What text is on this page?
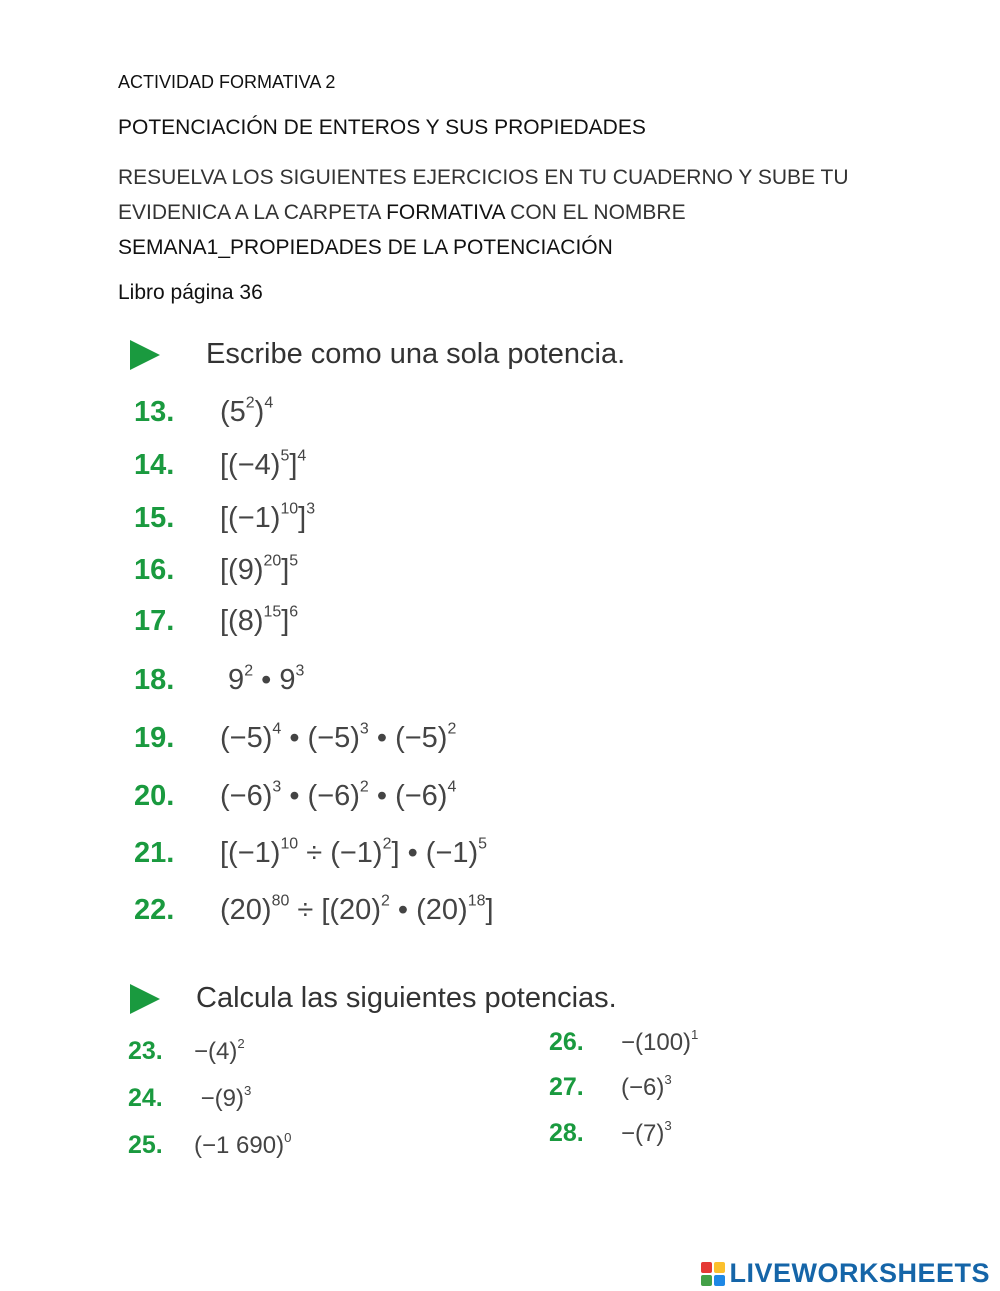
ACTIVIDAD FORMATIVA 2
POTENCIACIÓN DE ENTEROS Y SUS PROPIEDADES
RESUELVA LOS SIGUIENTES EJERCICIOS EN TU CUADERNO Y SUBE TU EVIDENICA A LA CARPETA FORMATIVA CON EL NOMBRE
SEMANA1_PROPIEDADES DE LA POTENCIACIÓN
Libro página 36
Escribe como una sola potencia.
13.	$(5^2)^4$
14.	$[(-4)^5]^4$
15.	$[(-1)^{10}]^3$
16.	$[(9)^{20}]^5$
17.	$[(8)^{15}]^6$
18.	$9^2$ • $9^3$
19.	$(-5)^4$ • $(-5)^3$ • $(-5)^2$
20.	$(-6)^3$ • $(-6)^2$ • $(-6)^4$
21.	$[(-1)^{10} \div (-1)^2]$ • $(-1)^5$
22.	$(20)^{80} \div [(20)^2$ • $(20)^{18}$]
Calcula las siguientes potencias.
23.	$-(4)^2$
24.	$-(9)^3$
25.	(−1 690)$^0$
26.	$-(100)^1$
27.	$(-6)^3$
28.	$-(7)^3$
LIVEWORKSHEETS
